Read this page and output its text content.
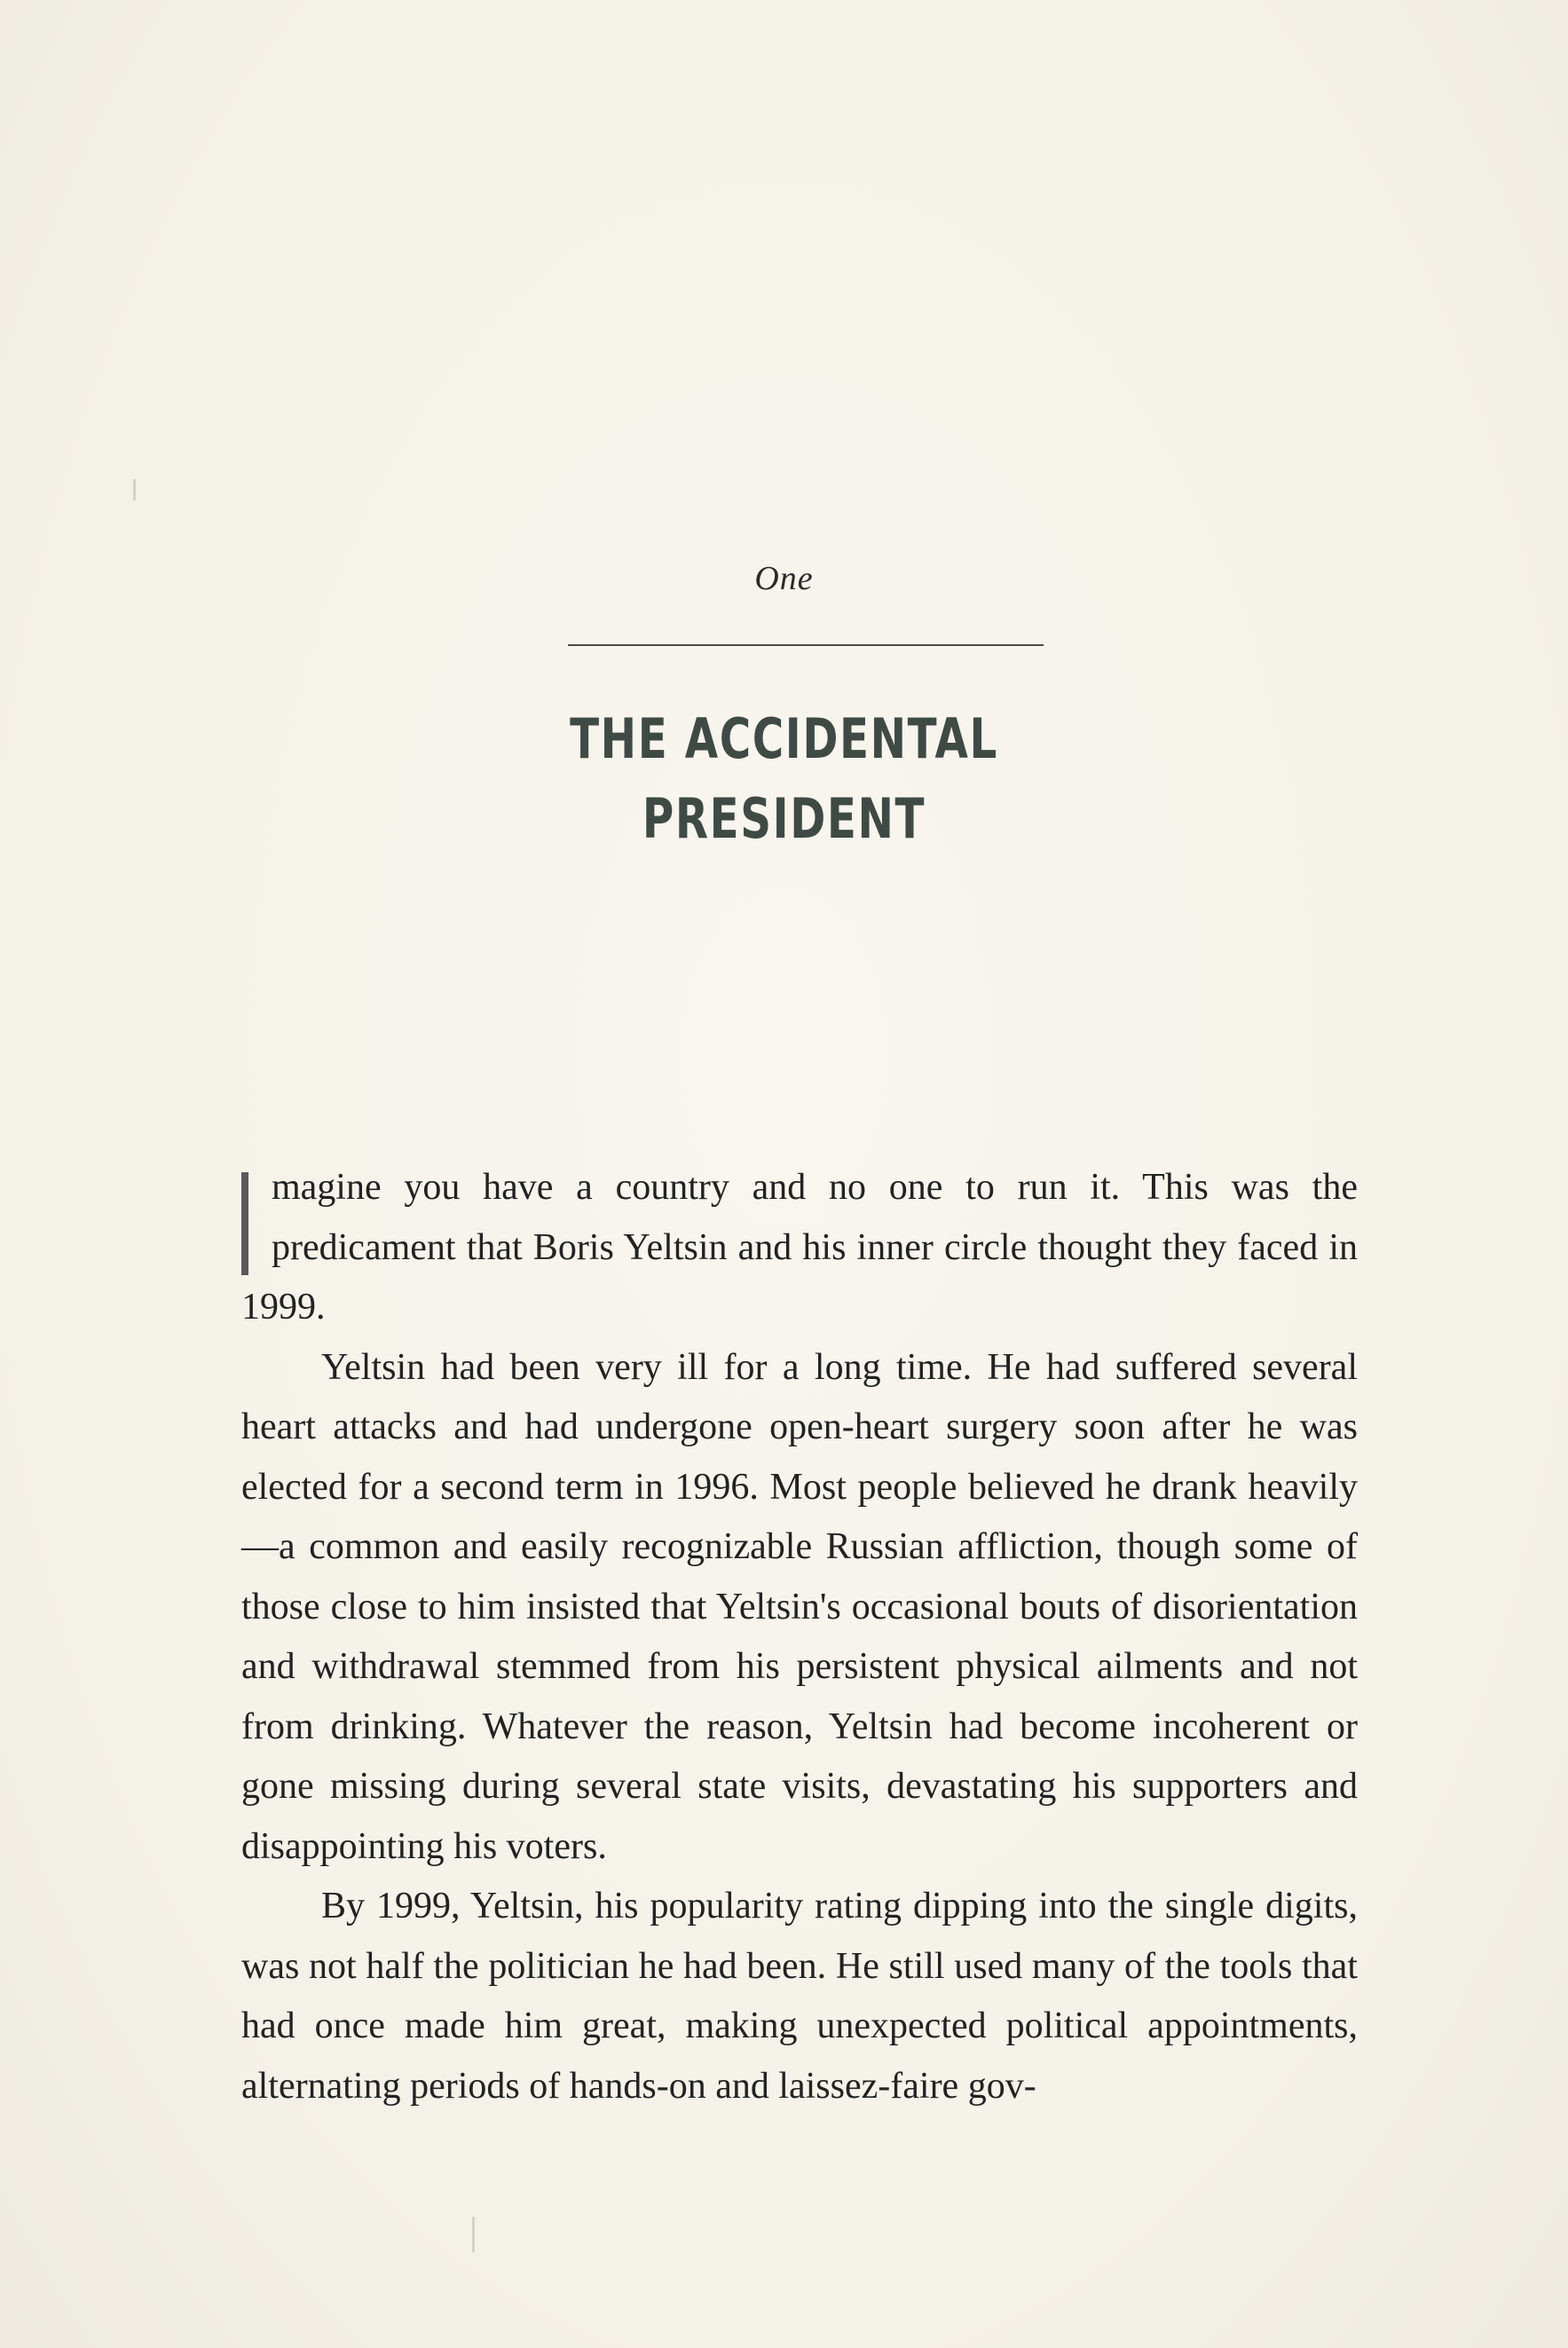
One
THE ACCIDENTAL
PRESIDENT

magine you have a country and no one to run it. This was the predicament that Boris Yeltsin and his inner circle thought they faced in 1999.

Yeltsin had been very ill for a long time. He had suffered several heart attacks and had undergone open-heart surgery soon after he was elected for a second term in 1996. Most people believed he drank heavily—a common and easily recognizable Russian affliction, though some of those close to him insisted that Yeltsin's occasional bouts of disorientation and withdrawal stemmed from his persistent physical ailments and not from drinking. Whatever the reason, Yeltsin had become incoherent or gone missing during several state visits, devastating his supporters and disappointing his voters.

By 1999, Yeltsin, his popularity rating dipping into the single digits, was not half the politician he had been. He still used many of the tools that had once made him great, making unexpected political appointments, alternating periods of hands-on and laissez-faire gov-
